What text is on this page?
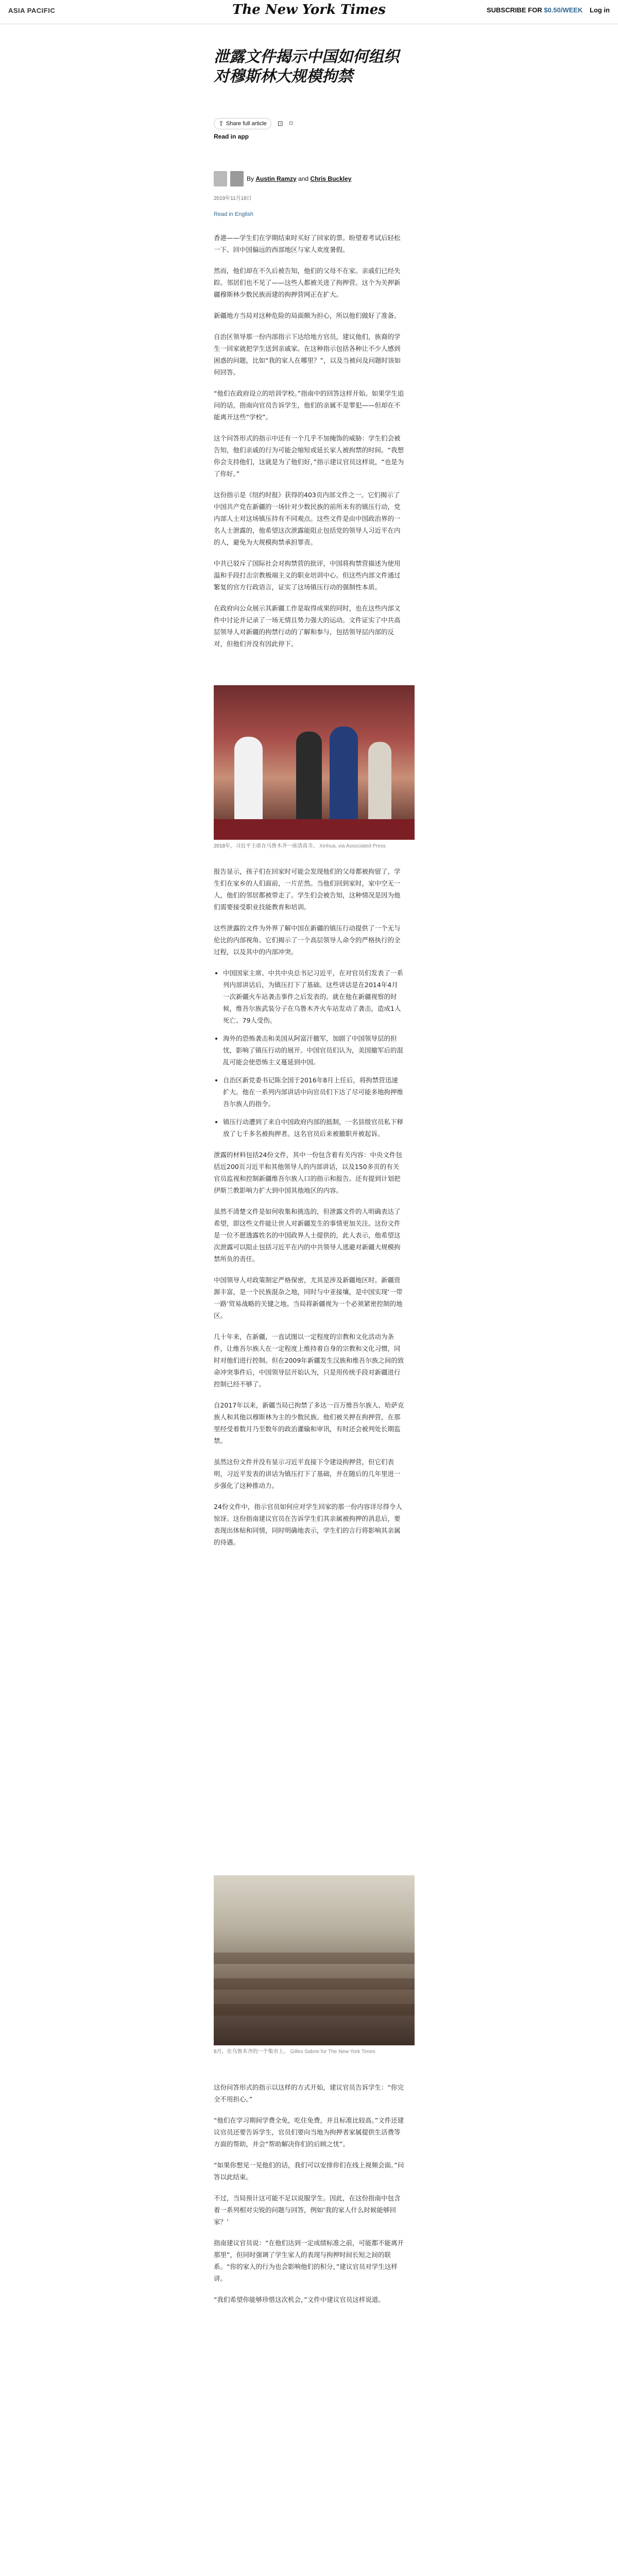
ASIA PACIFIC	The New York Times	SUBSCRIBE FOR $0.50/WEEK Log in
泄露文件揭示中国如何组织对穆斯林大规模拘禁
⇪ Share full article ⊡ ⌑
Read in app
By Austin Ramzy and Chris Buckley
2019年11月18日
Read in English

香港——学生们在学期结束时买好了回家的票。盼望着考试后轻松一下、回中国偏远的西部地区与家人欢度暑假。

然而，他们却在不久后被告知，他们的父母不在家。亲戚们已经失踪。邻居们也不见了——这些人都被关进了拘押营。这个为关押新疆穆斯林少数民族而建的拘押营网正在扩大。

新疆地方当局对这种危险的局面颇为担心，所以他们做好了准备。

自治区领导那一份内部指示下达给地方官员，建议他们，族裔的学生一回家就把学生送到亲戚家。在这种指示包括各种让不少人感到困惑的问题，比如“我的家人在哪里？”，以及当被问及问题时该如何回答。

“他们在政府设立的培训学校。”指南中的回答这样开始。如果学生追问的话，指南向官员告诉学生，他们的亲属不是罪犯——但却在不能离开这些“学校”。

这个问答形式的指示中还有一个几乎不加掩饰的威胁：学生们会被告知，他们亲戚的行为可能会缩短或延长家人被拘禁的时间。“我想你会支持他们，这就是为了他们好，”指示建议官员这样说，“也是为了你好。”

这份指示是《纽约时报》获得的403页内部文件之一。它们揭示了中国共产党在新疆的一场针对少数民族的前所未有的镇压行动，党内部人士对这场镇压持有不同观点。这些文件是由中国政治界的一名人士泄露的，他希望这次泄露能阻止包括党的领导人习近平在内的人，避免为大规模拘禁承担罪责。

中共已驳斥了国际社会对拘禁营的批评，中国将拘禁营描述为使用温和手段打击宗教极端主义的职业培训中心。但这些内部文件通过繁复的官方行政语言，证实了这场镇压行动的强制性本质。

在政府向公众展示其新疆工作是取得成果的同时，也在这些内部文件中讨论并记录了一场无情且势力强大的运动。文件证实了中共高层领导人对新疆的拘禁行动的了解和参与，包括领导层内部的反对，但他们并没有因此停下。

2018年，习近平主席在乌鲁木齐一座清真寺。 Xinhua, via Associated Press

报告显示，孩子们在回家时可能会发现他们的父母都被拘留了，学生们在家乡的人们面前，一片茫然。当他们回到家时，家中空无一人，他们的邻居都被带走了。学生们会被告知，这种情况是因为他们需要接受职业技能教育和培训。

这些泄露的文件为外界了解中国在新疆的镇压行动提供了一个无与伦比的内部视角。它们揭示了一个高层领导人命令的严格执行的全过程，以及其中的内部冲突。

• 中国国家主席、中共中央总书记习近平，在对官员们发表了一系列内部讲话后，为镇压打下了基础。这些讲话是在2014年4月一次新疆火车站袭击事件之后发表的。就在他在新疆视察的时候，维吾尔族武装分子在乌鲁木齐火车站发动了袭击，造成1人死亡、79人受伤。
• 海外的恐怖袭击和美国从阿富汗撤军，加剧了中国领导层的担忧，影响了镇压行动的展开。中国官员们认为，美国撤军后的混乱可能会使恐怖主义蔓延到中国。
• 自治区新党委书记陈全国于2016年8月上任后，将拘禁营迅速扩大。他在一系列内部讲话中向官员们下达了尽可能多地拘押维吾尔族人的指令。
• 镇压行动遭到了来自中国政府内部的抵制，一名县级官员私下释放了七千多名被拘押者。这名官员后来被撤职并被起诉。

泄露的材料包括24份文件，其中一份包含着有关内容：中央文件包括近200页习近平和其他领导人的内部讲话，以及150多页的有关官员监视和控制新疆维吾尔族人口的指示和报告。还有提到计划把伊斯兰教影响力扩大到中国其他地区的内容。

虽然不清楚文件是如何收集和挑选的，但泄露文件的人明确表达了希望，即这些文件能让世人对新疆发生的事情更加关注。这份文件是一位不愿透露姓名的中国政界人士提供的，此人表示，他希望这次泄露可以阻止包括习近平在内的中共领导人逃避对新疆大规模拘禁所负的责任。

中国领导人对政策制定严格保密，尤其是涉及新疆地区时。新疆资源丰富，是一个民族混杂之地，同时与中亚接壤，是中国实现‘一带一路’贸易战略的关键之地。当局将新疆视为一个必须紧密控制的地区。

几十年来，在新疆，一直试图以一定程度的宗教和文化活动为条件，让维吾尔族人在一定程度上维持着自身的宗教和文化习惯，同时对他们进行控制。但在2009年新疆发生汉族和维吾尔族之间的致命冲突事件后，中国领导层开始认为，只是用传统手段对新疆进行控制已经不够了。

自2017年以来，新疆当局已拘禁了多达一百万维吾尔族人、哈萨克族人和其他以穆斯林为主的少数民族。他们被关押在拘押营，在那里经受着数月乃至数年的政治灌输和审讯，有时还会被判处长期监禁。

虽然这份文件并没有显示习近平直接下令建设拘押营，但它们表明，习近平发表的讲话为镇压打下了基础，并在随后的几年里进一步强化了这种推动力。

24份文件中，指示官员如何应对学生回家的那一份内容详尽得令人惊讶。这份指南建议官员在告诉学生们其亲属被拘押的消息后，要表现出体贴和同情，同时明确地表示，学生们的言行将影响其亲属的待遇。

6月，在乌鲁木齐的一个集市上。 Gilles Sabrie for The New York Times

这份问答形式的指示以这样的方式开始，建议官员告诉学生：“你完全不用担心。”

“他们在学习期间学费全免，吃住免费，并且标准比较高。”文件还建议官员还要告诉学生，官员们要向当地为拘押者家属提供生活费等方面的帮助，并会“帮助解决你们的后顾之忧”。

“如果你想见一见他们的话，我们可以安排你们在线上视频会面。”问答以此结束。

不过，当局预计这可能不足以说服学生。因此，在这份指南中包含着一系列相对尖锐的问题与回答，例如‘我的家人什么时候能够回家？’

指南建议官员说：“在他们达到一定成绩标准之前，可能都不能离开那里”，但同时强调了学生家人的表现与拘押时间长短之间的联系。“你的家人的行为也会影响他们的积分，”建议官员对学生这样讲。

“我们希望你能够珍惜这次机会，”文件中建议官员这样说道。
